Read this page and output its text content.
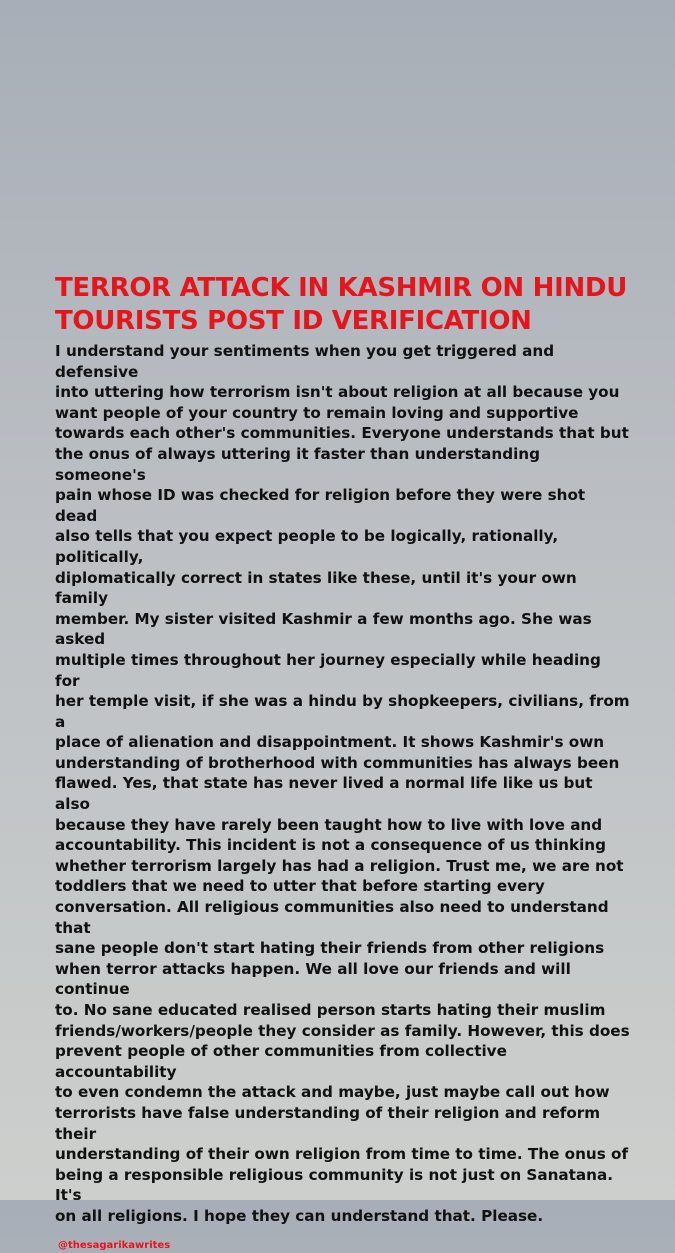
TERROR ATTACK IN KASHMIR ON HINDU
TOURISTS POST ID VERIFICATION

I understand your sentiments when you get triggered and defensive
into uttering how terrorism isn't about religion at all because you
want people of your country to remain loving and supportive
towards each other's communities. Everyone understands that but
the onus of always uttering it faster than understanding someone's
pain whose ID was checked for religion before they were shot dead
also tells that you expect people to be logically, rationally, politically,
diplomatically correct in states like these, until it's your own family
member. My sister visited Kashmir a few months ago. She was asked
multiple times throughout her journey especially while heading for
her temple visit, if she was a hindu by shopkeepers, civilians, from a
place of alienation and disappointment. It shows Kashmir's own
understanding of brotherhood with communities has always been
flawed. Yes, that state has never lived a normal life like us but also
because they have rarely been taught how to live with love and
accountability. This incident is not a consequence of us thinking
whether terrorism largely has had a religion. Trust me, we are not
toddlers that we need to utter that before starting every
conversation. All religious communities also need to understand that
sane people don't start hating their friends from other religions
when terror attacks happen. We all love our friends and will continue
to. No sane educated realised person starts hating their muslim
friends/workers/people they consider as family. However, this does
prevent people of other communities from collective accountability
to even condemn the attack and maybe, just maybe call out how
terrorists have false understanding of their religion and reform their
understanding of their own religion from time to time. The onus of
being a responsible religious community is not just on Sanatana. It's
on all religions. I hope they can understand that. Please.

@thesagarikawrites
